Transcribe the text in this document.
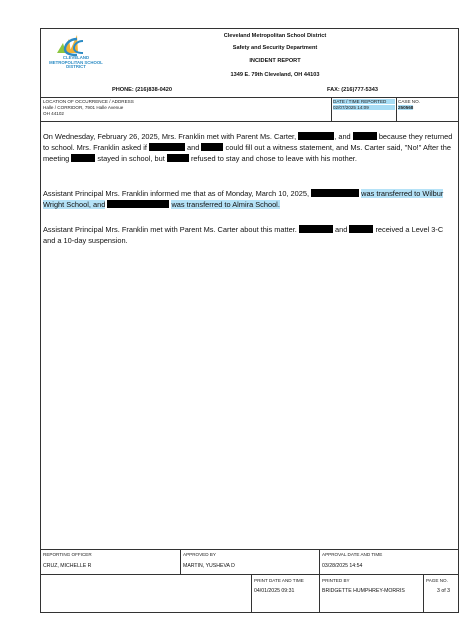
CLEVELAND METROPOLITAN SCHOOL DISTRICT
Cleveland Metropolitan School District
Safety and Security Department
INCIDENT REPORT
1349 E. 79th Cleveland, OH 44103
PHONE: (216)838-0420	FAX: (216)777-5343
LOCATION OF OCCURRENCE / ADDRESS
Halle / CORRIDOR, 7901 Halle Avenue
OH 44102
DATE / TIME REPORTED
02/07/2025 14:09
CASE NO.
250568

On Wednesday, February 26, 2025, Mrs. Franklin met with Parent Ms. Carter,	, and	because they returned to school. Mrs. Franklin asked if	and	could fill out a witness statement, and Ms. Carter said, "No!" After the meeting	stayed in school, but	refused to stay and chose to leave with his mother.

Assistant Principal Mrs. Franklin informed me that as of Monday, March 10, 2025,	was transferred to Wilbur Wright School, and	was transferred to Almira School.

Assistant Principal Mrs. Franklin met with Parent Ms. Carter about this matter.	and	received a Level 3-C and a 10-day suspension.

REPORTING OFFICER
CRUZ, MICHELLE R
APPROVED BY
MARTIN, YUSHEVA D
APPROVAL DATE AND TIME
03/28/2025 14:54
PRINT DATE AND TIME
04/01/2025 09:31
PRINTED BY
BRIDGETTE HUMPHREY-MORRIS
PAGE NO.
3 of 3
